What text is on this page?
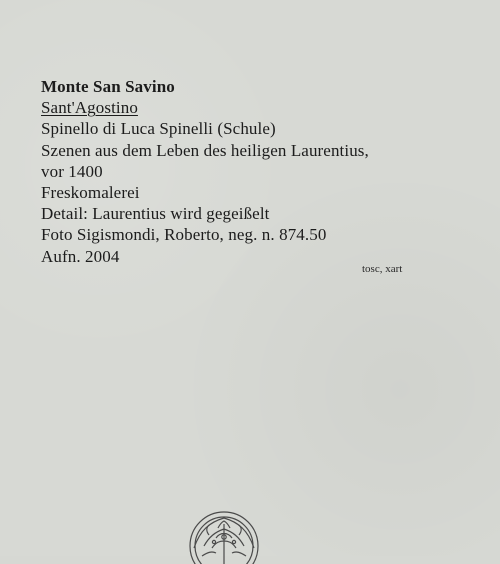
Monte San Savino
Sant'Agostino
Spinello di Luca Spinelli (Schule)
Szenen aus dem Leben des heiligen Laurentius,
vor 1400
Freskomalerei
Detail: Laurentius wird gegeißelt
Foto Sigismondi, Roberto, neg. n. 874.50
Aufn. 2004
tosc, xart
